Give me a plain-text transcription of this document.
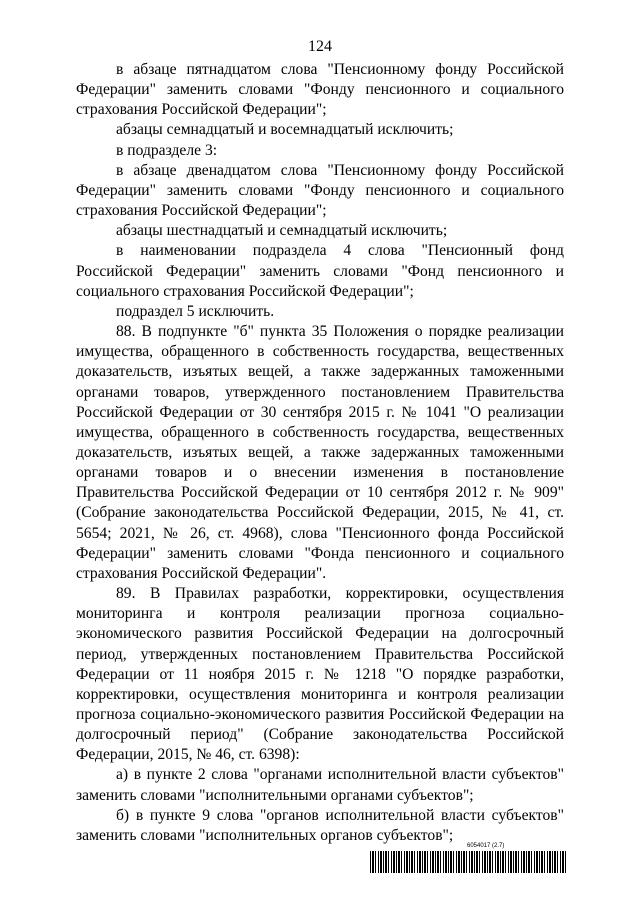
124

в абзаце пятнадцатом слова "Пенсионному фонду Российской Федерации" заменить словами "Фонду пенсионного и социального страхования Российской Федерации";

абзацы семнадцатый и восемнадцатый исключить;

в подразделе 3:

в абзаце двенадцатом слова "Пенсионному фонду Российской Федерации" заменить словами "Фонду пенсионного и социального страхования Российской Федерации";

абзацы шестнадцатый и семнадцатый исключить;

в наименовании подраздела 4 слова "Пенсионный фонд Российской Федерации" заменить словами "Фонд пенсионного и социального страхования Российской Федерации";

подраздел 5 исключить.

88. В подпункте "б" пункта 35 Положения о порядке реализации имущества, обращенного в собственность государства, вещественных доказательств, изъятых вещей, а также задержанных таможенными органами товаров, утвержденного постановлением Правительства Российской Федерации от 30 сентября 2015 г. № 1041 "О реализации имущества, обращенного в собственность государства, вещественных доказательств, изъятых вещей, а также задержанных таможенными органами товаров и о внесении изменения в постановление Правительства Российской Федерации от 10 сентября 2012 г. № 909" (Собрание законодательства Российской Федерации, 2015, № 41, ст. 5654; 2021, № 26, ст. 4968), слова "Пенсионного фонда Российской Федерации" заменить словами "Фонда пенсионного и социального страхования Российской Федерации".

89. В Правилах разработки, корректировки, осуществления мониторинга и контроля реализации прогноза социально-экономического развития Российской Федерации на долгосрочный период, утвержденных постановлением Правительства Российской Федерации от 11 ноября 2015 г. № 1218 "О порядке разработки, корректировки, осуществления мониторинга и контроля реализации прогноза социально-экономического развития Российской Федерации на долгосрочный период" (Собрание законодательства Российской Федерации, 2015, № 46, ст. 6398):

а) в пункте 2 слова "органами исполнительной власти субъектов" заменить словами "исполнительными органами субъектов";

б) в пункте 9 слова "органов исполнительной власти субъектов" заменить словами "исполнительных органов субъектов";

6054017 (2.7)
